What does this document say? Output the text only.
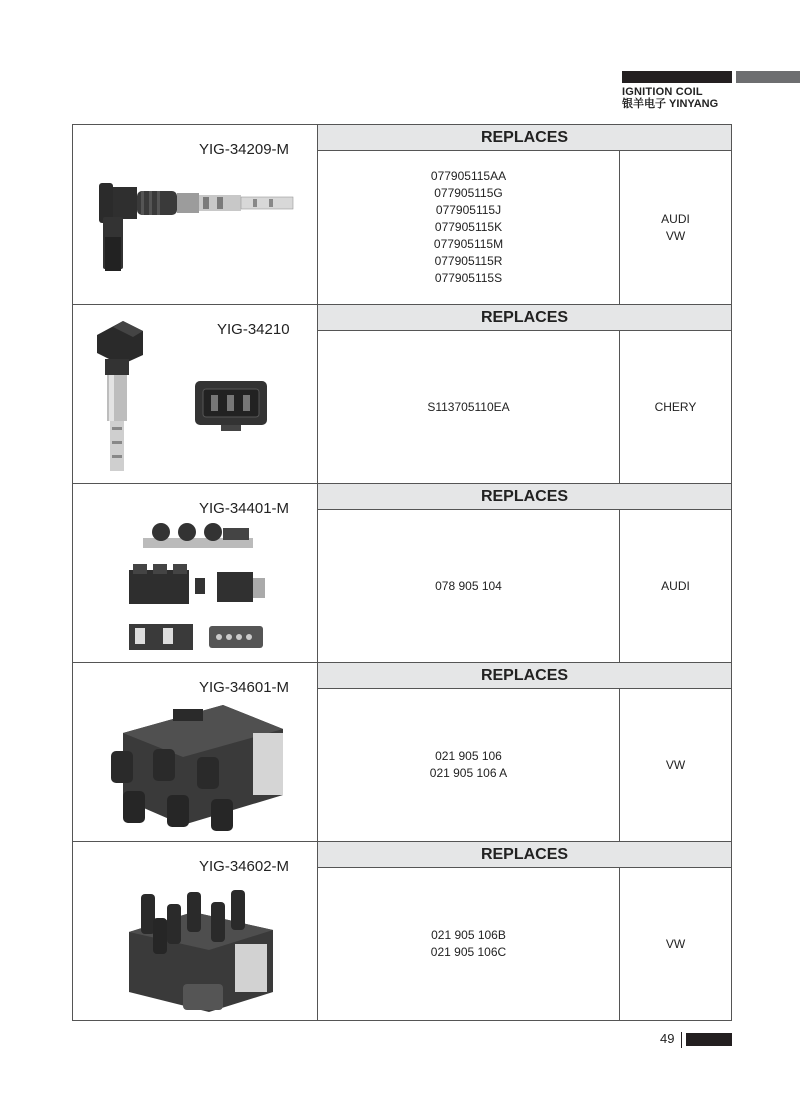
IGNITION COIL
银羊电子 YINYANG
YIG-34209-M
REPLACES
077905115AA
077905115G
077905115J
077905115K
077905115M
077905115R
077905115S
AUDI
VW
YIG-34210
REPLACES
S113705110EA	CHERY
YIG-34401-M
REPLACES
078 905 104	AUDI
YIG-34601-M
REPLACES
021 905 106
021 905 106 A
VW
YIG-34602-M
REPLACES
021 905 106B
021 905 106C
VW
49
